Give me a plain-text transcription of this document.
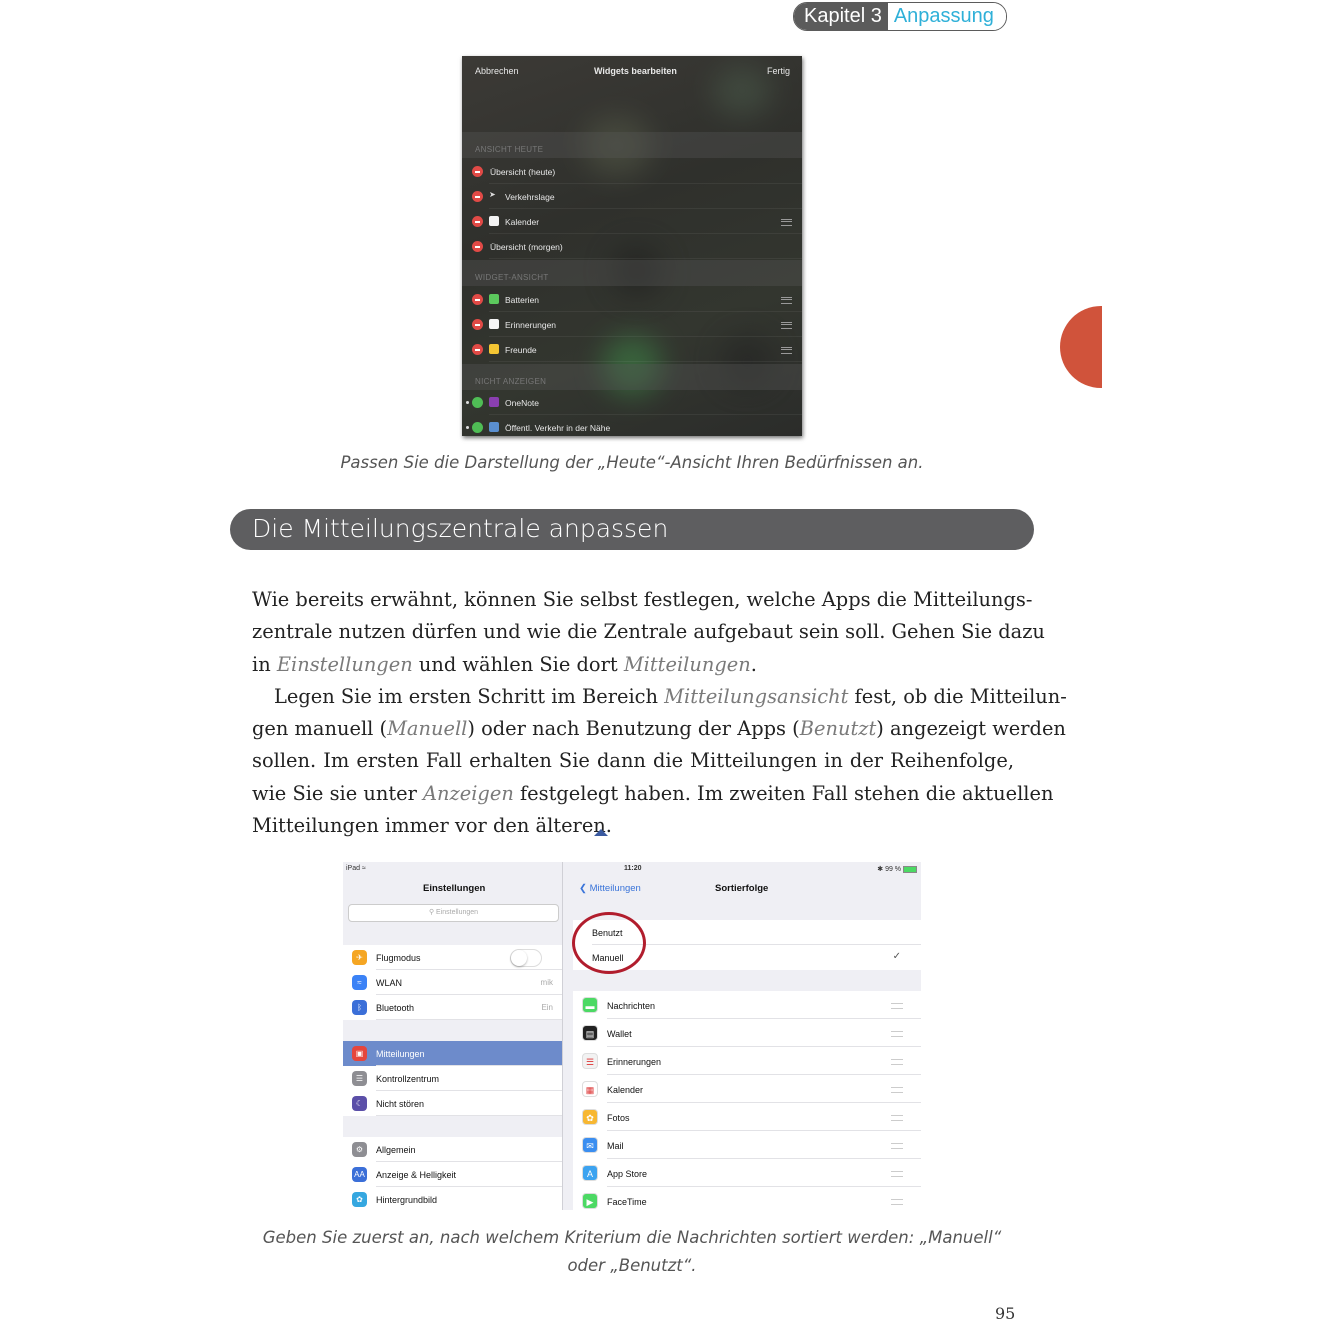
Kapitel 3 Anpassung
Abbrechen	Widgets bearbeiten	Fertig
ANSICHT HEUTE
Übersicht (heute)
➤	Verkehrslage
Kalender
Übersicht (morgen)
WIDGET-ANSICHT
Batterien
Erinnerungen
Freunde
NICHT ANZEIGEN
OneNote
Öffentl. Verkehr in der Nähe
Passen Sie die Darstellung der „Heute“-Ansicht Ihren Bedürfnissen an.
Die Mitteilungszentrale anpassen
Wie bereits erwähnt, können Sie selbst festlegen, welche Apps die Mitteilungs-
zentrale nutzen dürfen und wie die Zentrale aufgebaut sein soll. Gehen Sie dazu
in Einstellungen und wählen Sie dort Mitteilungen.
Legen Sie im ersten Schritt im Bereich Mitteilungsansicht fest, ob die Mitteilun-
gen manuell (Manuell) oder nach Benutzung der Apps (Benutzt) angezeigt werden
sollen. Im ersten Fall erhalten Sie dann die Mitteilungen in der Reihenfolge,
wie Sie sie unter Anzeigen festgelegt haben. Im zweiten Fall stehen die aktuellen
Mitteilungen immer vor den älteren.
Einstellungen
⚲ Einstellungen
✈	Flugmodus
≈	WLAN	mik
ᛒ	Bluetooth	Ein
▣	Mitteilungen
☰	Kontrollzentrum
☾	Nicht stören
⚙	Allgemein
AA Anzeige & Helligkeit
✿	Hintergrundbild
❮ Mitteilungen	Sortierfolge
Benutzt
Manuell	✓
▬	Nachrichten
▤	Wallet
☰	Erinnerungen
▦	Kalender
✿	Fotos
✉	Mail
A	App Store
▶	FaceTime
iPad ≈	11:20	✱ 99 %
Geben Sie zuerst an, nach welchem Kriterium die Nachrichten sortiert werden: „Manuell“
oder „Benutzt“.
95
